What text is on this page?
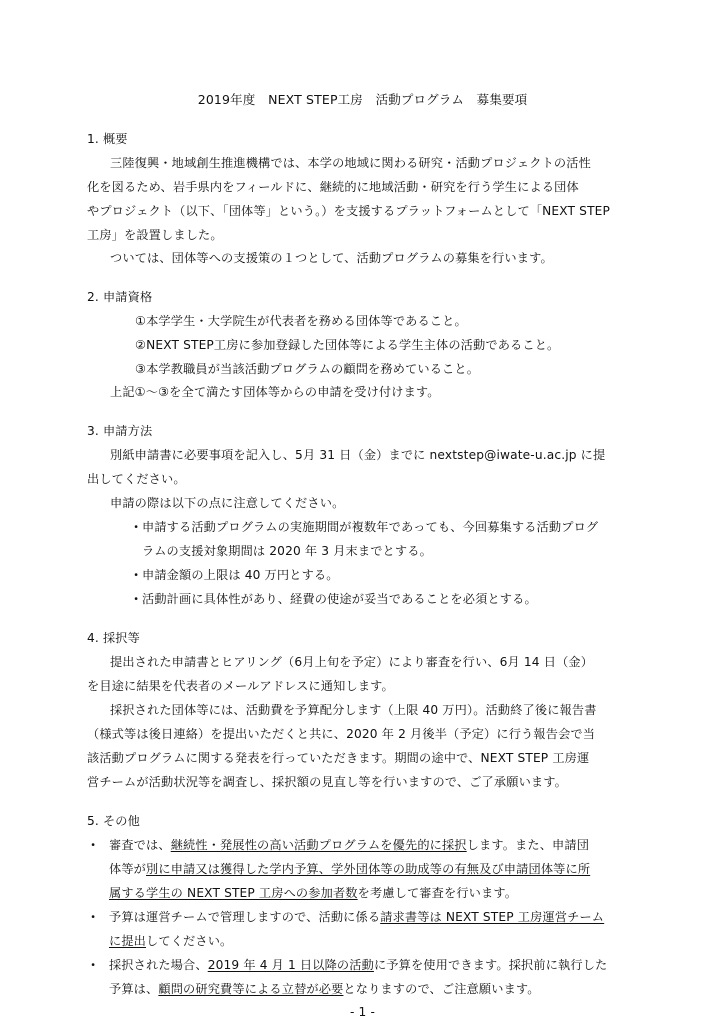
2019年度　NEXT STEP工房　活動プログラム　募集要項
1. 概要
三陸復興・地域創生推進機構では、本学の地域に関わる研究・活動プロジェクトの活性
化を図るため、岩手県内をフィールドに、継続的に地域活動・研究を行う学生による団体
やプロジェクト（以下、「団体等」という。）を支援するプラットフォームとして「NEXT STEP
工房」を設置しました。
ついては、団体等への支援策の１つとして、活動プログラムの募集を行います。
2. 申請資格
①本学学生・大学院生が代表者を務める団体等であること。
②NEXT STEP工房に参加登録した団体等による学生主体の活動であること。
③本学教職員が当該活動プログラムの顧問を務めていること。
上記①～③を全て満たす団体等からの申請を受け付けます。
3. 申請方法
別紙申請書に必要事項を記入し、5月 31 日（金）までに nextstep@iwate-u.ac.jp に提
出してください。
申請の際は以下の点に注意してください。
・ 申請する活動プログラムの実施期間が複数年であっても、今回募集する活動プログ
ラムの支援対象期間は 2020 年 3 月末までとする。
・ 申請金額の上限は 40 万円とする。
・ 活動計画に具体性があり、経費の使途が妥当であることを必須とする。
4. 採択等
提出された申請書とヒアリング（6月上旬を予定）により審査を行い、6月 14 日（金）
を目途に結果を代表者のメールアドレスに通知します。
採択された団体等には、活動費を予算配分します（上限 40 万円）。活動終了後に報告書
（様式等は後日連絡）を提出いただくと共に、2020 年 2 月後半（予定）に行う報告会で当
該活動プログラムに関する発表を行っていただきます。期間の途中で、NEXT STEP 工房運
営チームが活動状況等を調査し、採択額の見直し等を行いますので、ご了承願います。
5. その他
・ 審査では、継続性・発展性の高い活動プログラムを優先的に採択します。また、申請団
体等が別に申請又は獲得した学内予算、学外団体等の助成等の有無及び申請団体等に所
属する学生の NEXT STEP 工房への参加者数を考慮して審査を行います。
・ 予算は運営チームで管理しますので、活動に係る請求書等は NEXT STEP 工房運営チーム
に提出してください。
・ 採択された場合、2019 年 4 月 1 日以降の活動に予算を使用できます。採択前に執行した
- 1 -
予算は、顧問の研究費等による立替が必要となりますので、ご注意願います。
